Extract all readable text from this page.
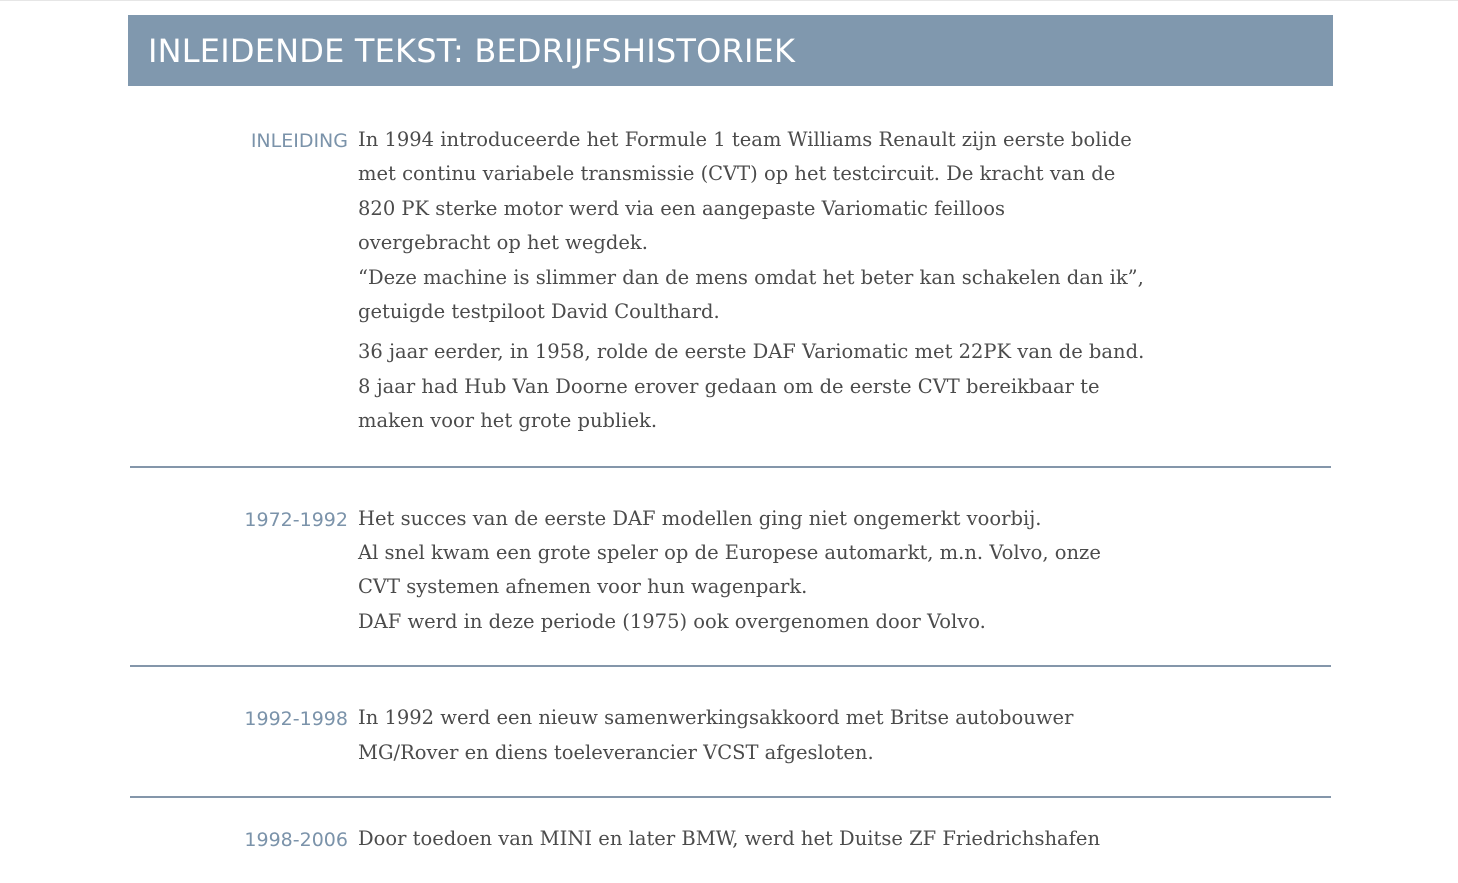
INLEIDENDE TEKST: BEDRIJFSHISTORIEK
INLEIDING In 1994 introduceerde het Formule 1 team Williams Renault zijn eerste bolide
met continu variabele transmissie (CVT) op het testcircuit. De kracht van de
820 PK sterke motor werd via een aangepaste Variomatic feilloos
overgebracht op het wegdek.
“Deze machine is slimmer dan de mens omdat het beter kan schakelen dan ik”,
getuigde testpiloot David Coulthard.
36 jaar eerder, in 1958, rolde de eerste DAF Variomatic met 22PK van de band.
8 jaar had Hub Van Doorne erover gedaan om de eerste CVT bereikbaar te
maken voor het grote publiek.
1972-1992 Het succes van de eerste DAF modellen ging niet ongemerkt voorbij.
Al snel kwam een grote speler op de Europese automarkt, m.n. Volvo, onze
CVT systemen afnemen voor hun wagenpark.
DAF werd in deze periode (1975) ook overgenomen door Volvo.
1992-1998 In 1992 werd een nieuw samenwerkingsakkoord met Britse autobouwer
MG/Rover en diens toeleverancier VCST afgesloten.
1998-2006 Door toedoen van MINI en later BMW, werd het Duitse ZF Friedrichshafen
